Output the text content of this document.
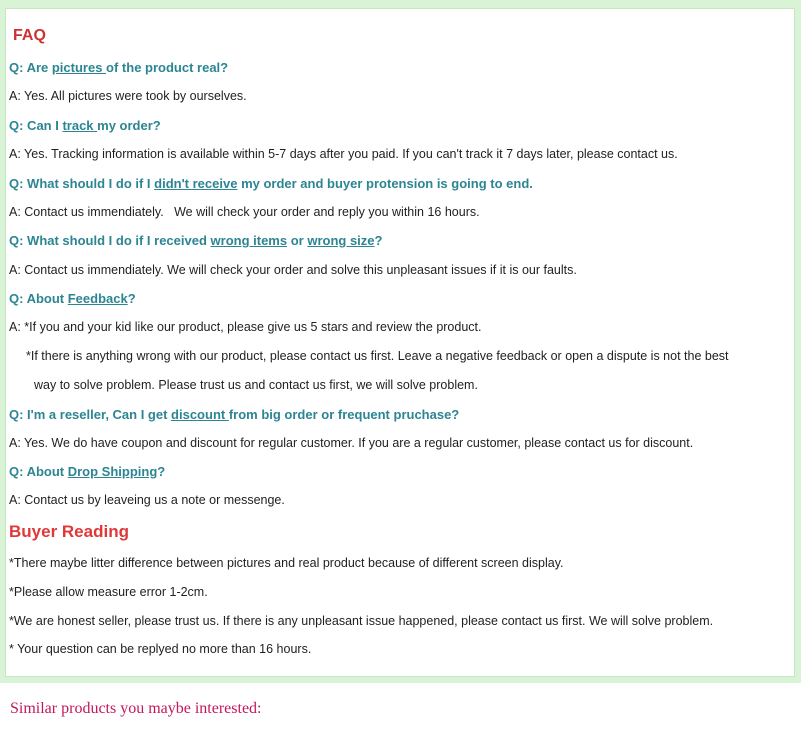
FAQ
Q: Are pictures of the product real?
A: Yes. All pictures were took by ourselves.
Q: Can I track my order?
A: Yes. Tracking information is available within 5-7 days after you paid. If you can't track it 7 days later, please contact us.
Q: What should I do if I didn't receive my order and buyer protension is going to end.
A: Contact us immendiately.   We will check your order and reply you within 16 hours.
Q: What should I do if I received wrong items or wrong size?
A: Contact us immendiately. We will check your order and solve this unpleasant issues if it is our faults.
Q: About Feedback?
A: *If you and your kid like our product, please give us 5 stars and review the product.
*If there is anything wrong with our product, please contact us first. Leave a negative feedback or open a dispute is not the best
way to solve problem. Please trust us and contact us first, we will solve problem.
Q: I'm a reseller, Can I get discount from big order or frequent pruchase?
A: Yes. We do have coupon and discount for regular customer. If you are a regular customer, please contact us for discount.
Q: About Drop Shipping?
A: Contact us by leaveing us a note or messenge.
Buyer Reading
*There maybe litter difference between pictures and real product because of different screen display.
*Please allow measure error 1-2cm.
*We are honest seller, please trust us. If there is any unpleasant issue happened, please contact us first. We will solve problem.
* Your question can be replyed no more than 16 hours.
Similar products you maybe interested:
